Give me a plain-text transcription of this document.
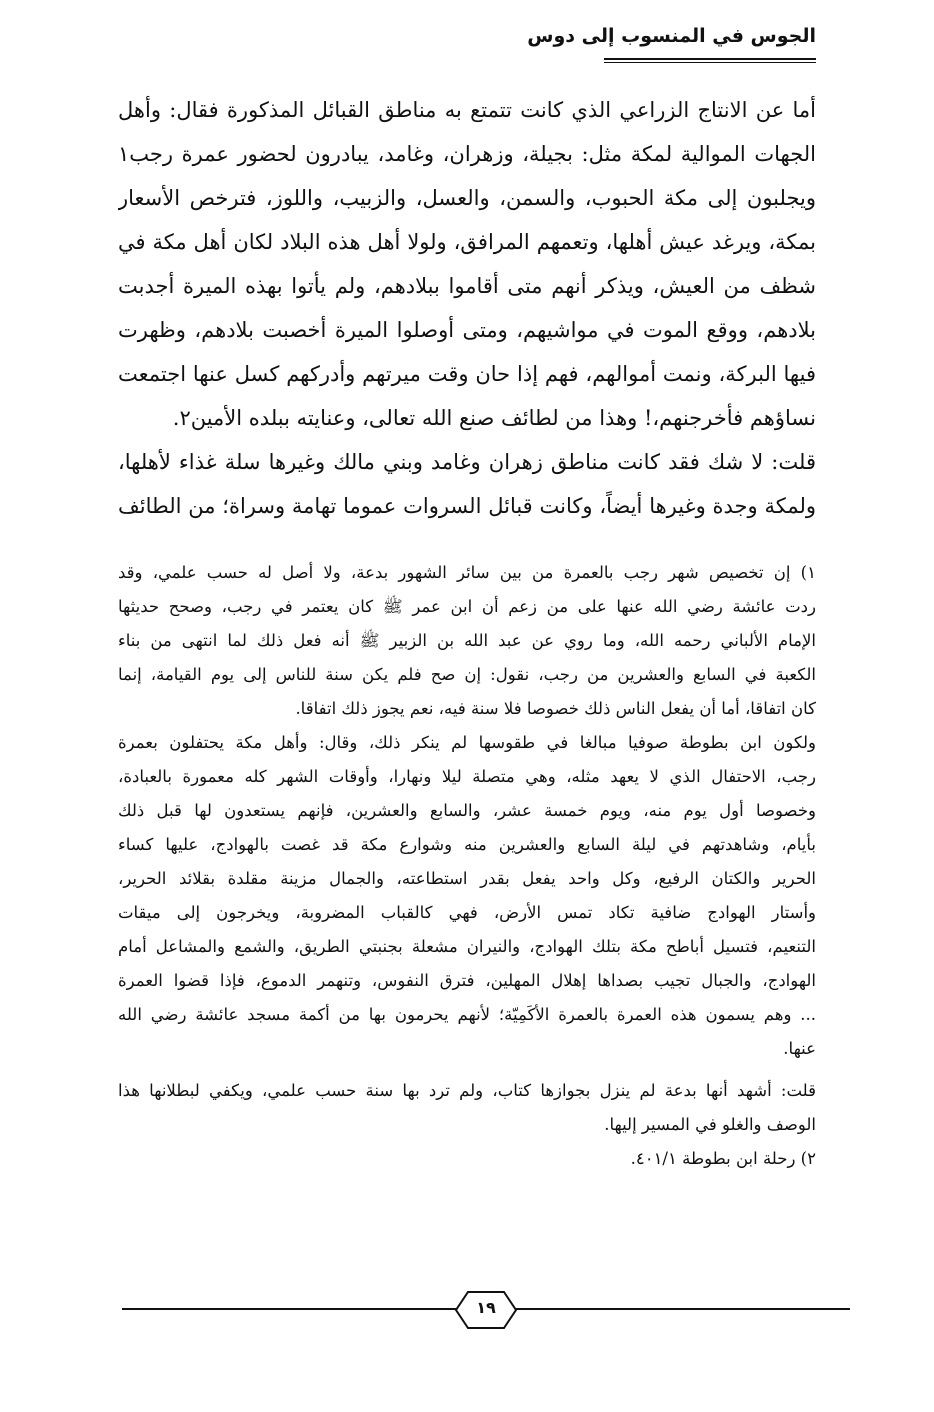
الجوس في المنسوب إلى دوس
أما عن الانتاج الزراعي الذي كانت تتمتع به مناطق القبائل المذكورة فقال: وأهل
الجهات الموالية لمكة مثل: بجيلة، وزهران، وغامد، يبادرون لحضور عمرة رجب١
ويجلبون إلى مكة الحبوب، والسمن، والعسل، والزبيب، واللوز، فترخص الأسعار
بمكة، ويرغد عيش أهلها، وتعمهم المرافق، ولولا أهل هذه البلاد لكان أهل مكة في
شظف من العيش، ويذكر أنهم متى أقاموا ببلادهم، ولم يأتوا بهذه الميرة أجدبت
بلادهم، ووقع الموت في مواشيهم، ومتى أوصلوا الميرة أخصبت بلادهم، وظهرت
فيها البركة، ونمت أموالهم، فهم إذا حان وقت ميرتهم وأدركهم كسل عنها اجتمعت
نساؤهم فأخرجنهم،! وهذا من لطائف صنع الله تعالى، وعنايته ببلده الأمين٢.
قلت: لا شك فقد كانت مناطق زهران وغامد وبني مالك وغيرها سلة غذاء لأهلها،
ولمكة وجدة وغيرها أيضاً، وكانت قبائل السروات عموما تهامة وسراة؛ من الطائف
١) إن تخصيص شهر رجب بالعمرة من بين سائر الشهور بدعة، ولا أصل له حسب علمي، وقد
ردت عائشة رضي الله عنها على من زعم أن ابن عمر ﷺ كان يعتمر في رجب، وصحح حديثها
الإمام الألباني رحمه الله، وما روي عن عبد الله بن الزبير ﷺ أنه فعل ذلك لما انتهى من بناء
الكعبة في السابع والعشرين من رجب، نقول: إن صح فلم يكن سنة للناس إلى يوم القيامة، إنما
كان اتفاقا، أما أن يفعل الناس ذلك خصوصا فلا سنة فيه، نعم يجوز ذلك اتفاقا.
ولكون ابن بطوطة صوفيا مبالغا في طقوسها لم ينكر ذلك، وقال: وأهل مكة يحتفلون بعمرة
رجب، الاحتفال الذي لا يعهد مثله، وهي متصلة ليلا ونهارا، وأوقات الشهر كله معمورة بالعبادة،
وخصوصا أول يوم منه، ويوم خمسة عشر، والسابع والعشرين، فإنهم يستعدون لها قبل ذلك
بأيام، وشاهدتهم في ليلة السابع والعشرين منه وشوارع مكة قد غصت بالهوادج، عليها كساء
الحرير والكتان الرفيع، وكل واحد يفعل بقدر استطاعته، والجمال مزينة مقلدة بقلائد الحرير،
وأستار الهوادج ضافية تكاد تمس الأرض، فهي كالقباب المضروبة، ويخرجون إلى ميقات
التنعيم، فتسيل أباطح مكة بتلك الهوادج، والنيران مشعلة بجنبتي الطريق، والشمع والمشاعل أمام
الهوادج، والجبال تجيب بصداها إهلال المهلين، فترق النفوس، وتنهمر الدموع، فإذا قضوا العمرة
... وهم يسمون هذه العمرة بالعمرة الأكَمِيّة؛ لأنهم يحرمون بها من أكمة مسجد عائشة رضي الله
عنها.
قلت: أشهد أنها بدعة لم ينزل بجوازها كتاب، ولم ترد بها سنة حسب علمي، ويكفي لبطلانها هذا
الوصف والغلو في المسير إليها.
٢) رحلة ابن بطوطة ٤٠١/١.
١٩
